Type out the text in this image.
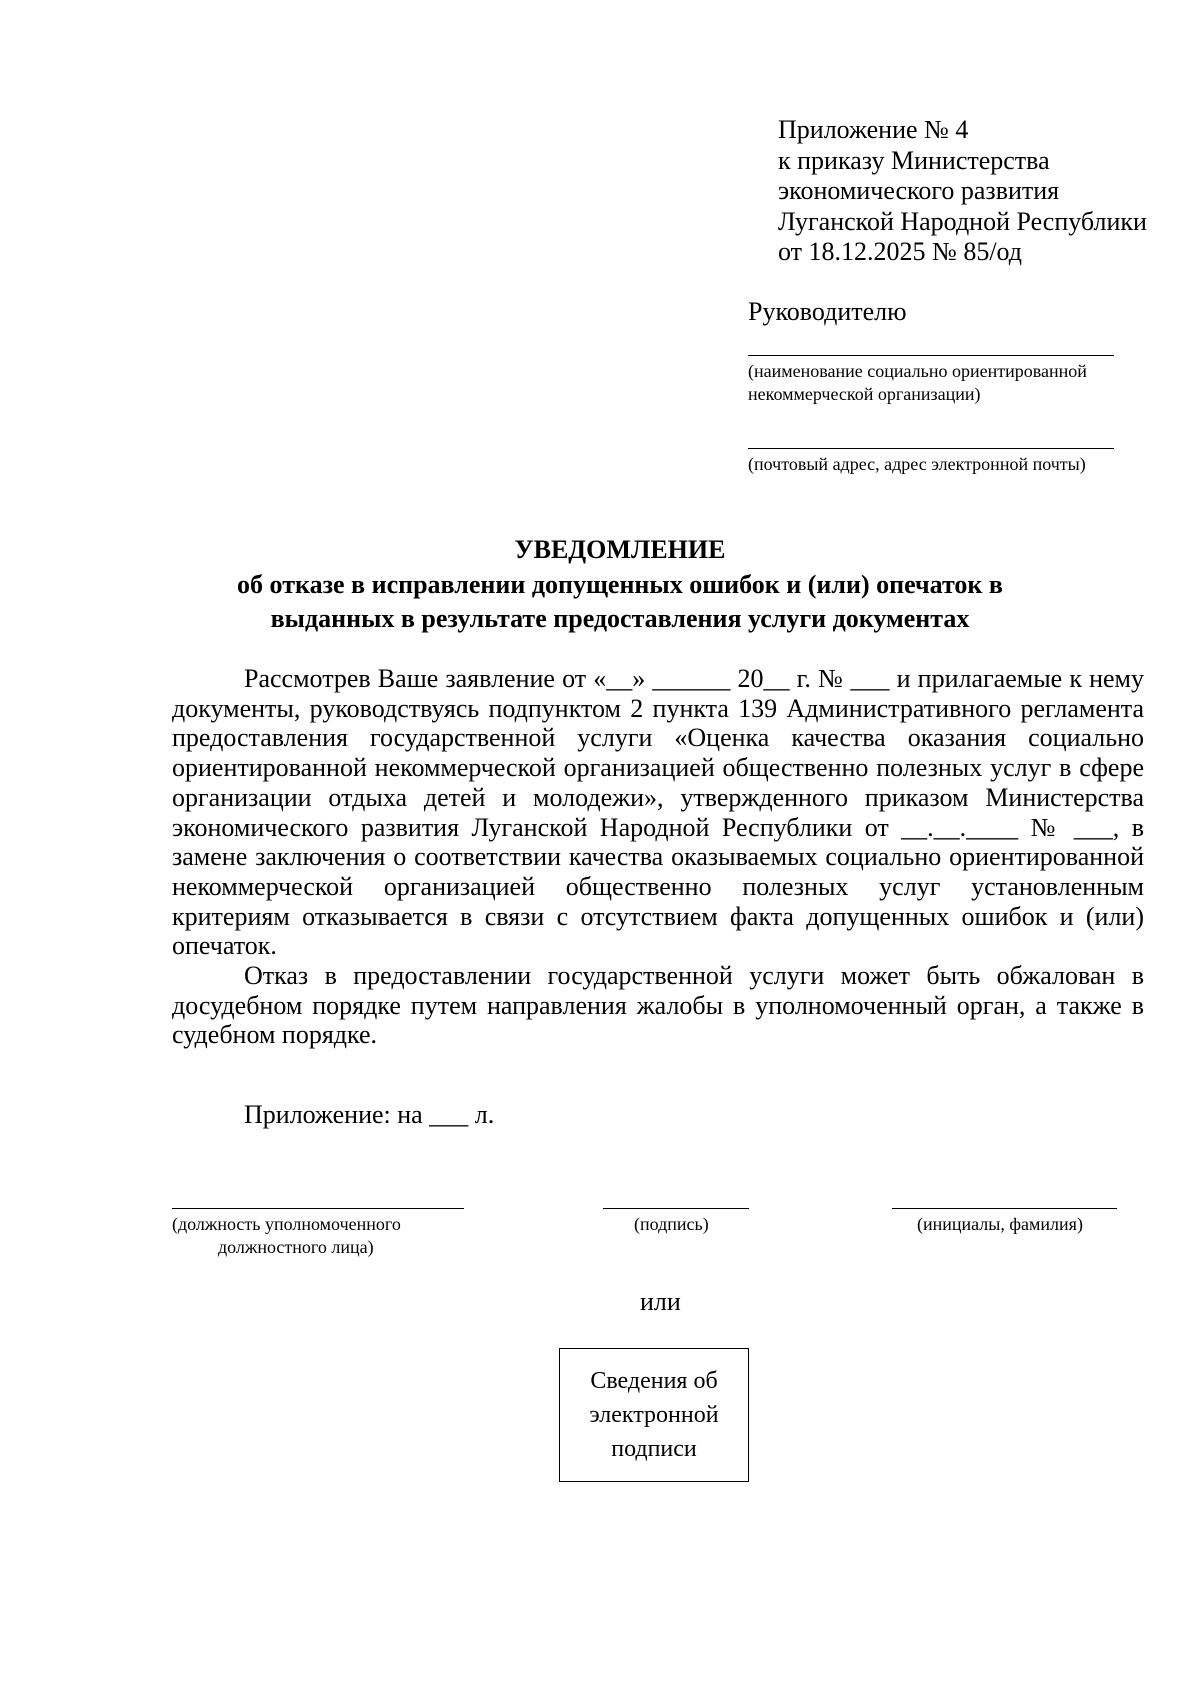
Приложение № 4
к приказу Министерства
экономического развития
Луганской Народной Республики
от 18.12.2025 № 85/од
Руководителю
(наименование социально ориентированной
некоммерческой организации)
(почтовый адрес, адрес электронной почты)
УВЕДОМЛЕНИЕ
об отказе в исправлении допущенных ошибок и (или) опечаток в
выданных в результате предоставления услуги документах

Рассмотрев Ваше заявление от «__» ______ 20__ г. № ___ и прилагаемые к нему документы, руководствуясь подпунктом 2 пункта 139 Административного регламента предоставления государственной услуги «Оценка качества оказания социально ориентированной некоммерческой организацией общественно полезных услуг в сфере организации отдыха детей и молодежи», утвержденного приказом Министерства экономического развития Луганской Народной Республики от __.__.____ № ___, в замене заключения о соответствии качества оказываемых социально ориентированной некоммерческой организацией общественно полезных услуг установленным критериям отказывается в связи с отсутствием факта допущенных ошибок и (или) опечаток.

Отказ в предоставлении государственной услуги может быть обжалован в досудебном порядке путем направления жалобы в уполномоченный орган, а также в судебном порядке.

Приложение: на ___ л.
(должность уполномоченного
должностного лица)
(подпись)	(инициалы, фамилия)
или
Сведения об
электронной
подписи
